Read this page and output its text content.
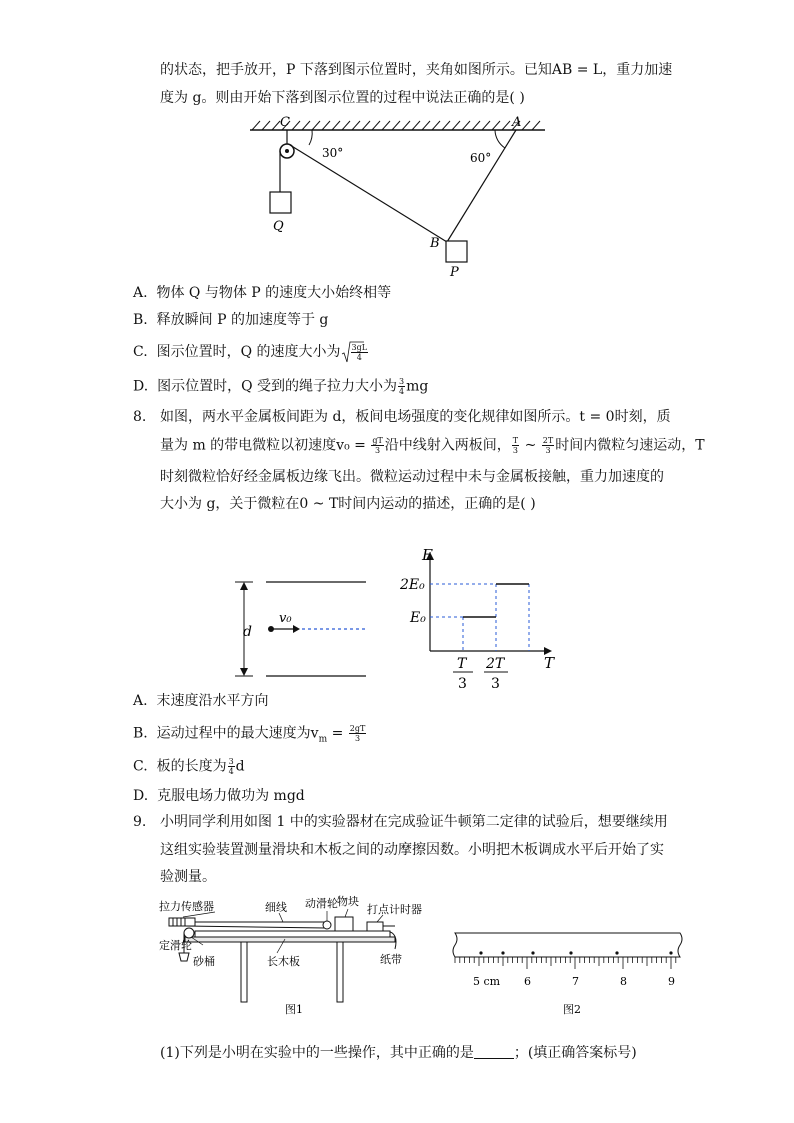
的状态，把手放开，P 下落到图示位置时，夹角如图所示。已知AB = L，重力加速
度为 g。则由开始下落到图示位置的过程中说法正确的是( )
C	A
B
P
Q
30°	60°
A. 物体 Q 与物体 P 的速度大小始终相等
B. 释放瞬间 P 的加速度等于 g
C. 图示位置时，Q 的速度大小为 $\frac{3gL}{4}$
D. 图示位置时，Q 受到的绳子拉力大小为 $\frac{3}{4}$ mg
8. 如图，两水平金属板间距为 d，板间电场强度的变化规律如图所示。t = 0时刻，质
量为 m 的带电微粒以初速度$v_0 = \frac{gT}{3}$ 沿中线射入两板间， $\frac{T}{3}$ ~ $\frac{2T}{3}$ 时间内微粒匀速运动，T
时刻微粒恰好经金属板边缘飞出。微粒运动过程中未与金属板接触，重力加速度的
大小为 g，关于微粒在0 ~ T时间内运动的描述，正确的是( )
d
v₀
E
T
2E₀
E₀
T
3
2T
3
A. 末速度沿水平方向
B. 运动过程中的最大速度为$v_m = \frac{2gT}{3}$
C. 板的长度为 $\frac{3}{4}$ d
D. 克服电场力做功为 mgd
9. 小明同学利用如图 1 中的实验器材在完成验证牛顿第二定律的试验后，想要继续用
这组实验装置测量滑块和木板之间的动摩擦因数。小明把木板调成水平后开始了实
验测量。
拉力传感器	细线 动滑轮 物块
打点计时器
定滑轮
砂桶	长木板	纸带
图1
5 cm 6	7	8	9
图2
(1)下列是小明在实验中的一些操作，其中正确的是	；(填正确答案标号)
